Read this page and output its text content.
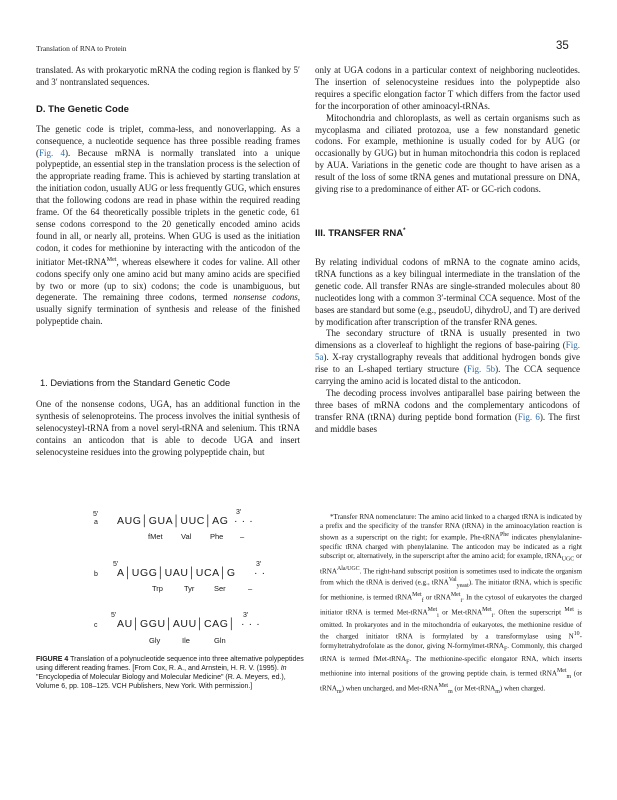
Translation of RNA to Protein	35

translated. As with prokaryotic mRNA the coding region is flanked by 5′ and 3′ nontranslated sequences.

D. The Genetic Code

The genetic code is triplet, comma-less, and nonoverlapping. As a consequence, a nucleotide sequence has three possible reading frames (Fig. 4). Because mRNA is normally translated into a unique polypeptide, an essential step in the translation process is the selection of the appropriate reading frame. This is achieved by starting translation at the initiation codon, usually AUG or less frequently GUG, which ensures that the following codons are read in phase within the required reading frame. Of the 64 theoretically possible triplets in the genetic code, 61 sense codons correspond to the 20 genetically encoded amino acids found in all, or nearly all, proteins. When GUG is used as the initiation codon, it codes for methionine by interacting with the anticodon of the initiator Met-tRNA$^{Met}$, whereas elsewhere it codes for valine. All other codons specify only one amino acid but many amino acids are specified by two or more (up to six) codons; the code is unambiguous, but degenerate. The remaining three codons, termed nonsense codons, usually signify termination of synthesis and release of the finished polypeptide chain.

1. Deviations from the Standard Genetic Code

One of the nonsense codons, UGA, has an additional function in the synthesis of selenoproteins. The process involves the initial synthesis of selenocysteyl-tRNA from a novel seryl-tRNA and selenium. This tRNA contains an anticodon that is able to decode UGA and insert selenocysteine residues into the growing polypeptide chain, but

only at UGA codons in a particular context of neighboring nucleotides. The insertion of selenocysteine residues into the polypeptide also requires a specific elongation factor T which differs from the factor used for the incorporation of other aminoacyl-tRNAs.

Mitochondria and chloroplasts, as well as certain organisms such as mycoplasma and ciliated protozoa, use a few nonstandard genetic codons. For example, methionine is usually coded for by AUG (or occasionally by GUG) but in human mitochondria this codon is replaced by AUA. Variations in the genetic code are thought to have arisen as a result of the loss of some tRNA genes and mutational pressure on DNA, giving rise to a predominance of either AT- or GC-rich codons.

III. TRANSFER RNA*

By relating individual codons of mRNA to the cognate amino acids, tRNA functions as a key bilingual intermediate in the translation of the genetic code. All transfer RNAs are single-stranded molecules about 80 nucleotides long with a common 3′-terminal CCA sequence. Most of the bases are standard but some (e.g., pseudoU, dihydroU, and T) are derived by modification after transcription of the transfer RNA genes.

The secondary structure of tRNA is usually presented in two dimensions as a cloverleaf to highlight the regions of base-pairing (Fig. 5a). X-ray crystallography reveals that additional hydrogen bonds give rise to an L-shaped tertiary structure (Fig. 5b). The CCA sequence carrying the amino acid is located distal to the anticodon.

The decoding process involves antiparallel base pairing between the three bases of mRNA codons and the complementary anticodons of transfer RNA (tRNA) during peptide bond formation (Fig. 6). The first and middle bases

5′
a AUG│GUA│UUC│AG
3′
· · ·
fMet Val Phe –
5′
b A│UGG│UAU│UCA│G
3′
· ·
Trp	Tyr	Ser	–
5′
c AU│GGU│AUU│CAG│
3′
· · ·
Gly	Ile	Gln
FIGURE 4 Translation of a polynucleotide sequence into three alternative polypeptides using different reading frames. [From Cox, R. A., and Arnstein, H. R. V. (1995). In "Encyclopedia of Molecular Biology and Molecular Medicine" (R. A. Meyers, ed.), Volume 6, pp. 108–125. VCH Publishers, New York. With permission.]

*Transfer RNA nomenclature: The amino acid linked to a charged tRNA is indicated by a prefix and the specificity of the transfer RNA (tRNA) in the aminoacylation reaction is shown as a superscript on the right; for example, Phe-tRNA$^{Phe}$ indicates phenylalanine-specific tRNA charged with phenylalanine. The anticodon may be indicated as a right subscript or, alternatively, in the superscript after the amino acid; for example, tRNA$_{UGC}$ or tRNA$^{Ala/UGC}$. The right-hand subscript position is sometimes used to indicate the organism from which the tRNA is derived (e.g., tRNA$^{Val}_{yeast}$). The initiator tRNA, which is specific for methionine, is termed tRNA$^{Met}_f$ or tRNA$^{Met}_i$. In the cytosol of eukaryotes the charged initiator tRNA is termed Met-tRNA$^{Met}_i$ or Met-tRNA$^{Met}_i$. Often the superscript $^{Met}$ is omitted. In prokaryotes and in the mitochondria of eukaryotes, the methionine residue of the charged initiator tRNA is formylated by a transformylase using $N^{10}$-formyltetrahydrofolate as the donor, giving N-formylmet-tRNA$_F$. Commonly, this charged tRNA is termed fMet-tRNA$_F$. The methionine-specific elongator RNA, which inserts methionine into internal positions of the growing peptide chain, is termed tRNA$^{Met}_m$ (or tRNA$_m$) when uncharged, and Met-tRNA$^{Met}_m$ (or Met-tRNA$_m$) when charged.
